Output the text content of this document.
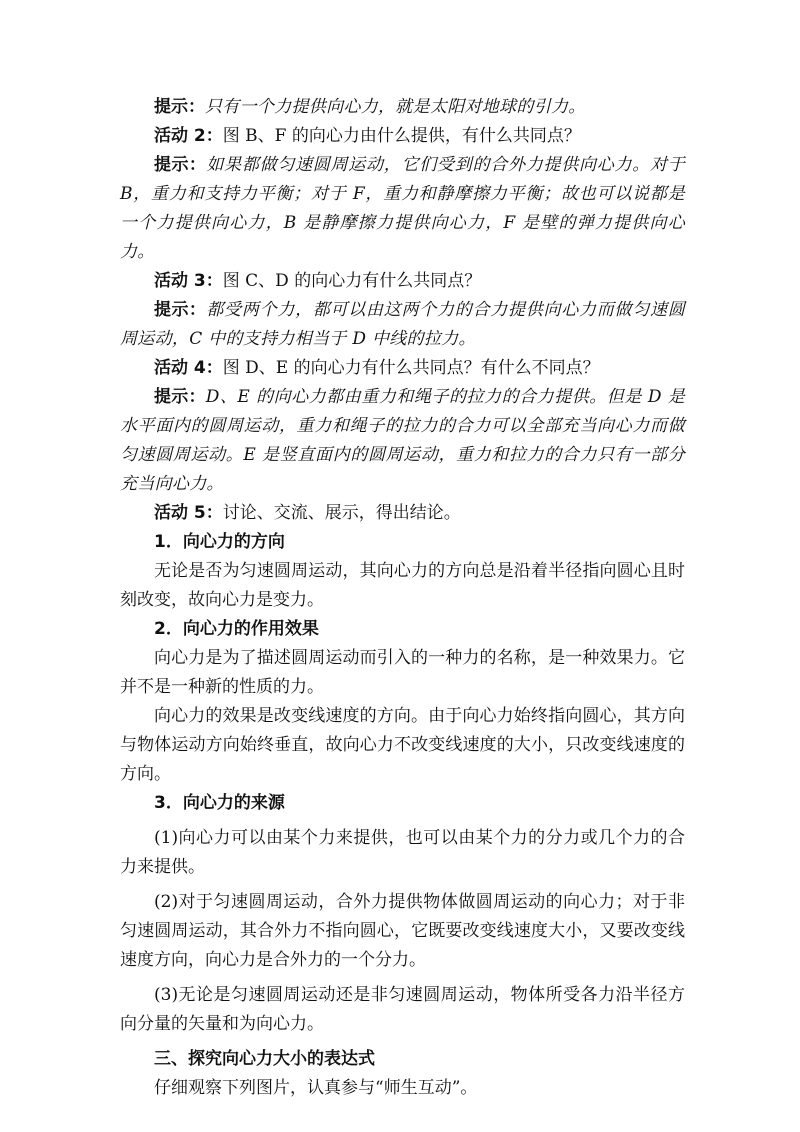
提示：只有一个力提供向心力，就是太阳对地球的引力。

活动 2：图 B、F 的向心力由什么提供，有什么共同点？

提示：如果都做匀速圆周运动，它们受到的合外力提供向心力。对于 B，重力和支持力平衡；对于 F，重力和静摩擦力平衡；故也可以说都是一个力提供向心力，B 是静摩擦力提供向心力，F 是壁的弹力提供向心力。

活动 3：图 C、D 的向心力有什么共同点？

提示：都受两个力，都可以由这两个力的合力提供向心力而做匀速圆周运动，C 中的支持力相当于 D 中线的拉力。

活动 4：图 D、E 的向心力有什么共同点？有什么不同点？

提示：D、E 的向心力都由重力和绳子的拉力的合力提供。但是 D 是水平面内的圆周运动，重力和绳子的拉力的合力可以全部充当向心力而做匀速圆周运动。E 是竖直面内的圆周运动，重力和拉力的合力只有一部分充当向心力。

活动 5：讨论、交流、展示，得出结论。

1．向心力的方向

无论是否为匀速圆周运动，其向心力的方向总是沿着半径指向圆心且时刻改变，故向心力是变力。

2．向心力的作用效果

向心力是为了描述圆周运动而引入的一种力的名称，是一种效果力。它并不是一种新的性质的力。

向心力的效果是改变线速度的方向。由于向心力始终指向圆心，其方向与物体运动方向始终垂直，故向心力不改变线速度的大小，只改变线速度的方向。

3．向心力的来源

(1)向心力可以由某个力来提供，也可以由某个力的分力或几个力的合力来提供。

(2)对于匀速圆周运动，合外力提供物体做圆周运动的向心力；对于非匀速圆周运动，其合外力不指向圆心，它既要改变线速度大小，又要改变线速度方向，向心力是合外力的一个分力。

(3)无论是匀速圆周运动还是非匀速圆周运动，物体所受各力沿半径方向分量的矢量和为向心力。

三、探究向心力大小的表达式

仔细观察下列图片，认真参与“师生互动”。
